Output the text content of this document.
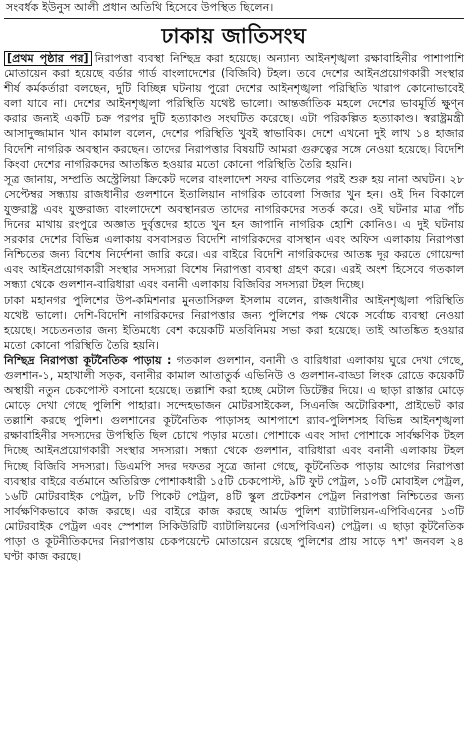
সংবর্ধক ইউনুস আলী প্রধান অতিথি হিসেবে উপস্থিত ছিলেন।
ঢাকায় জাতিসংঘ

[প্রথম পৃষ্ঠার পর] নিরাপত্তা ব্যবস্থা নিশ্ছিদ্র করা হয়েছে। অন্যান্য আইনশৃঙ্খলা রক্ষাবাহিনীর পাশাপাশি মোতায়েন করা হয়েছে বর্ডার গার্ড বাংলাদেশের (বিজিবি) টহল। তবে দেশের আইনপ্রয়োগকারী সংস্থার শীর্ষ কর্মকর্তারা বলছেন, দুটি বিচ্ছিন্ন ঘটনায় পুরো দেশের আইনশৃঙ্খলা পরিস্থিতি খারাপ কোনোভাবেই বলা যাবে না। দেশের আইনশৃঙ্খলা পরিস্থিতি যথেষ্ট ভালো। আন্তর্জাতিক মহলে দেশের ভাবমূর্তি ক্ষুণ্ন করার জন্যই একটি চক্র পরপর দুটি হত্যাকাণ্ড সংঘটিত করেছে। এটা পরিকল্পিত হত্যাকাণ্ড। স্বরাষ্ট্রমন্ত্রী আসাদুজ্জামান খান কামাল বলেন, দেশের পরিস্থিতি খুবই স্বাভাবিক। দেশে এখনো দুই লাখ ১৪ হাজার বিদেশি নাগরিক অবস্থান করছেন। তাদের নিরাপত্তার বিষয়টি আমরা গুরুত্বের সঙ্গে নেওয়া হয়েছে। বিদেশি কিংবা দেশের নাগরিকদের আতঙ্কিত হওয়ার মতো কোনো পরিস্থিতি তৈরি হয়নি।

সূত্র জানায়, সম্প্রতি অস্ট্রেলিয়া ক্রিকেট দলের বাংলাদেশ সফর বাতিলের পরই শুরু হয় নানা অঘটন। ২৮ সেপ্টেম্বর সন্ধ্যায় রাজধানীর গুলশানে ইতালিয়ান নাগরিক তাবেলা সিজার খুন হন। ওই দিন বিকালে যুক্তরাষ্ট্র এবং যুক্তরাজ্য বাংলাদেশে অবস্থানরত তাদের নাগরিকদের সতর্ক করে। ওই ঘটনার মাত্র পাঁচ দিনের মাথায় রংপুরে অজ্ঞাত দুর্বৃত্তদের হাতে খুন হন জাপানি নাগরিক হোশি কোনিও। এ দুই ঘটনায় সরকার দেশের বিভিন্ন এলাকায় বসবাসরত বিদেশি নাগরিকদের বাসস্থান এবং অফিস এলাকায় নিরাপত্তা নিশ্চিতের জন্য বিশেষ নির্দেশনা জারি করে। এর বাইরে বিদেশি নাগরিকদের আতঙ্ক দূর করতে গোয়েন্দা এবং আইনপ্রয়োগকারী সংস্থার সদস্যরা বিশেষ নিরাপত্তা ব্যবস্থা গ্রহণ করে। এরই অংশ হিসেবে গতকাল সন্ধ্যা থেকে গুলশান-বারিধারা এবং বনানী এলাকায় বিজিবির সদস্যরা টহল দিচ্ছে।

ঢাকা মহানগর পুলিশের উপ-কমিশনার মুনতাসিরুল ইসলাম বলেন, রাজধানীর আইনশৃঙ্খলা পরিস্থিতি যথেষ্ট ভালো। দেশি-বিদেশি নাগরিকদের নিরাপত্তার জন্য পুলিশের পক্ষ থেকে সর্বোচ্চ ব্যবস্থা নেওয়া হয়েছে। সচেতনতার জন্য ইতিমধ্যে বেশ কয়েকটি মতবিনিময় সভা করা হয়েছে। তাই আতঙ্কিত হওয়ার মতো কোনো পরিস্থিতি তৈরি হয়নি।

নিশ্ছিদ্র নিরাপত্তা কূটনৈতিক পাড়ায় : গতকাল গুলশান, বনানী ও বারিধারা এলাকায় ঘুরে দেখা গেছে, গুলশান-১, মহাখালী সড়ক, বনানীর কামাল আতাতুর্ক এভিনিউ ও গুলশান-বাড্ডা লিংক রোডে কয়েকটি অস্থায়ী নতুন চেকপোস্ট বসানো হয়েছে। তল্লাশি করা হচ্ছে মেটাল ডিটেক্টর দিয়ে। এ ছাড়া রাস্তার মোড়ে মোড়ে দেখা গেছে পুলিশি পাহারা। সন্দেহভাজন মোটরসাইকেল, সিএনজি অটোরিকশা, প্রাইভেট কার তল্লাশি করছে পুলিশ। গুলশানের কূটনৈতিক পাড়াসহ আশপাশে র‌্যাব-পুলিশসহ বিভিন্ন আইনশৃঙ্খলা রক্ষাবাহিনীর সদস্যদের উপস্থিতি ছিল চোখে পড়ার মতো। পোশাকে এবং সাদা পোশাকে সার্বক্ষণিক টহল দিচ্ছে আইনপ্রয়োগকারী সংস্থার সদস্যরা। সন্ধ্যা থেকে গুলশান, বারিধারা এবং বনানী এলাকায় টহল দিচ্ছে বিজিবি সদস্যরা। ডিএমপি সদর দফতর সূত্রে জানা গেছে, কূটনৈতিক পাড়ায় আগের নিরাপত্তা ব্যবস্থার বাইরে বর্তমানে অতিরিক্ত পোশাকধারী ১৫টি চেকপোস্ট, ৯টি ফুট পেট্রল, ১০টি মোবাইল পেট্রল, ১৬টি মোটরবাইক পেট্রল, ৮টি পিকেট পেট্রল, ৪টি স্কুল প্রটেকশন পেট্রল নিরাপত্তা নিশ্চিতের জন্য সার্বক্ষণিকভাবে কাজ করছে। এর বাইরে কাজ করছে আর্মড পুলিশ ব্যাটালিয়ন-এপিবিএনের ১৩টি মোটরবাইক পেট্রল এবং স্পেশাল সিকিউরিটি ব্যাটালিয়নের (এসপিবিএন) পেট্রল। এ ছাড়া কূটনৈতিক পাড়া ও কূটনীতিকদের নিরাপত্তায় চেকপয়েন্টে মোতায়েন রয়েছে পুলিশের প্রায় সাড়ে ৭শ' জনবল ২৪ ঘণ্টা কাজ করছে।
